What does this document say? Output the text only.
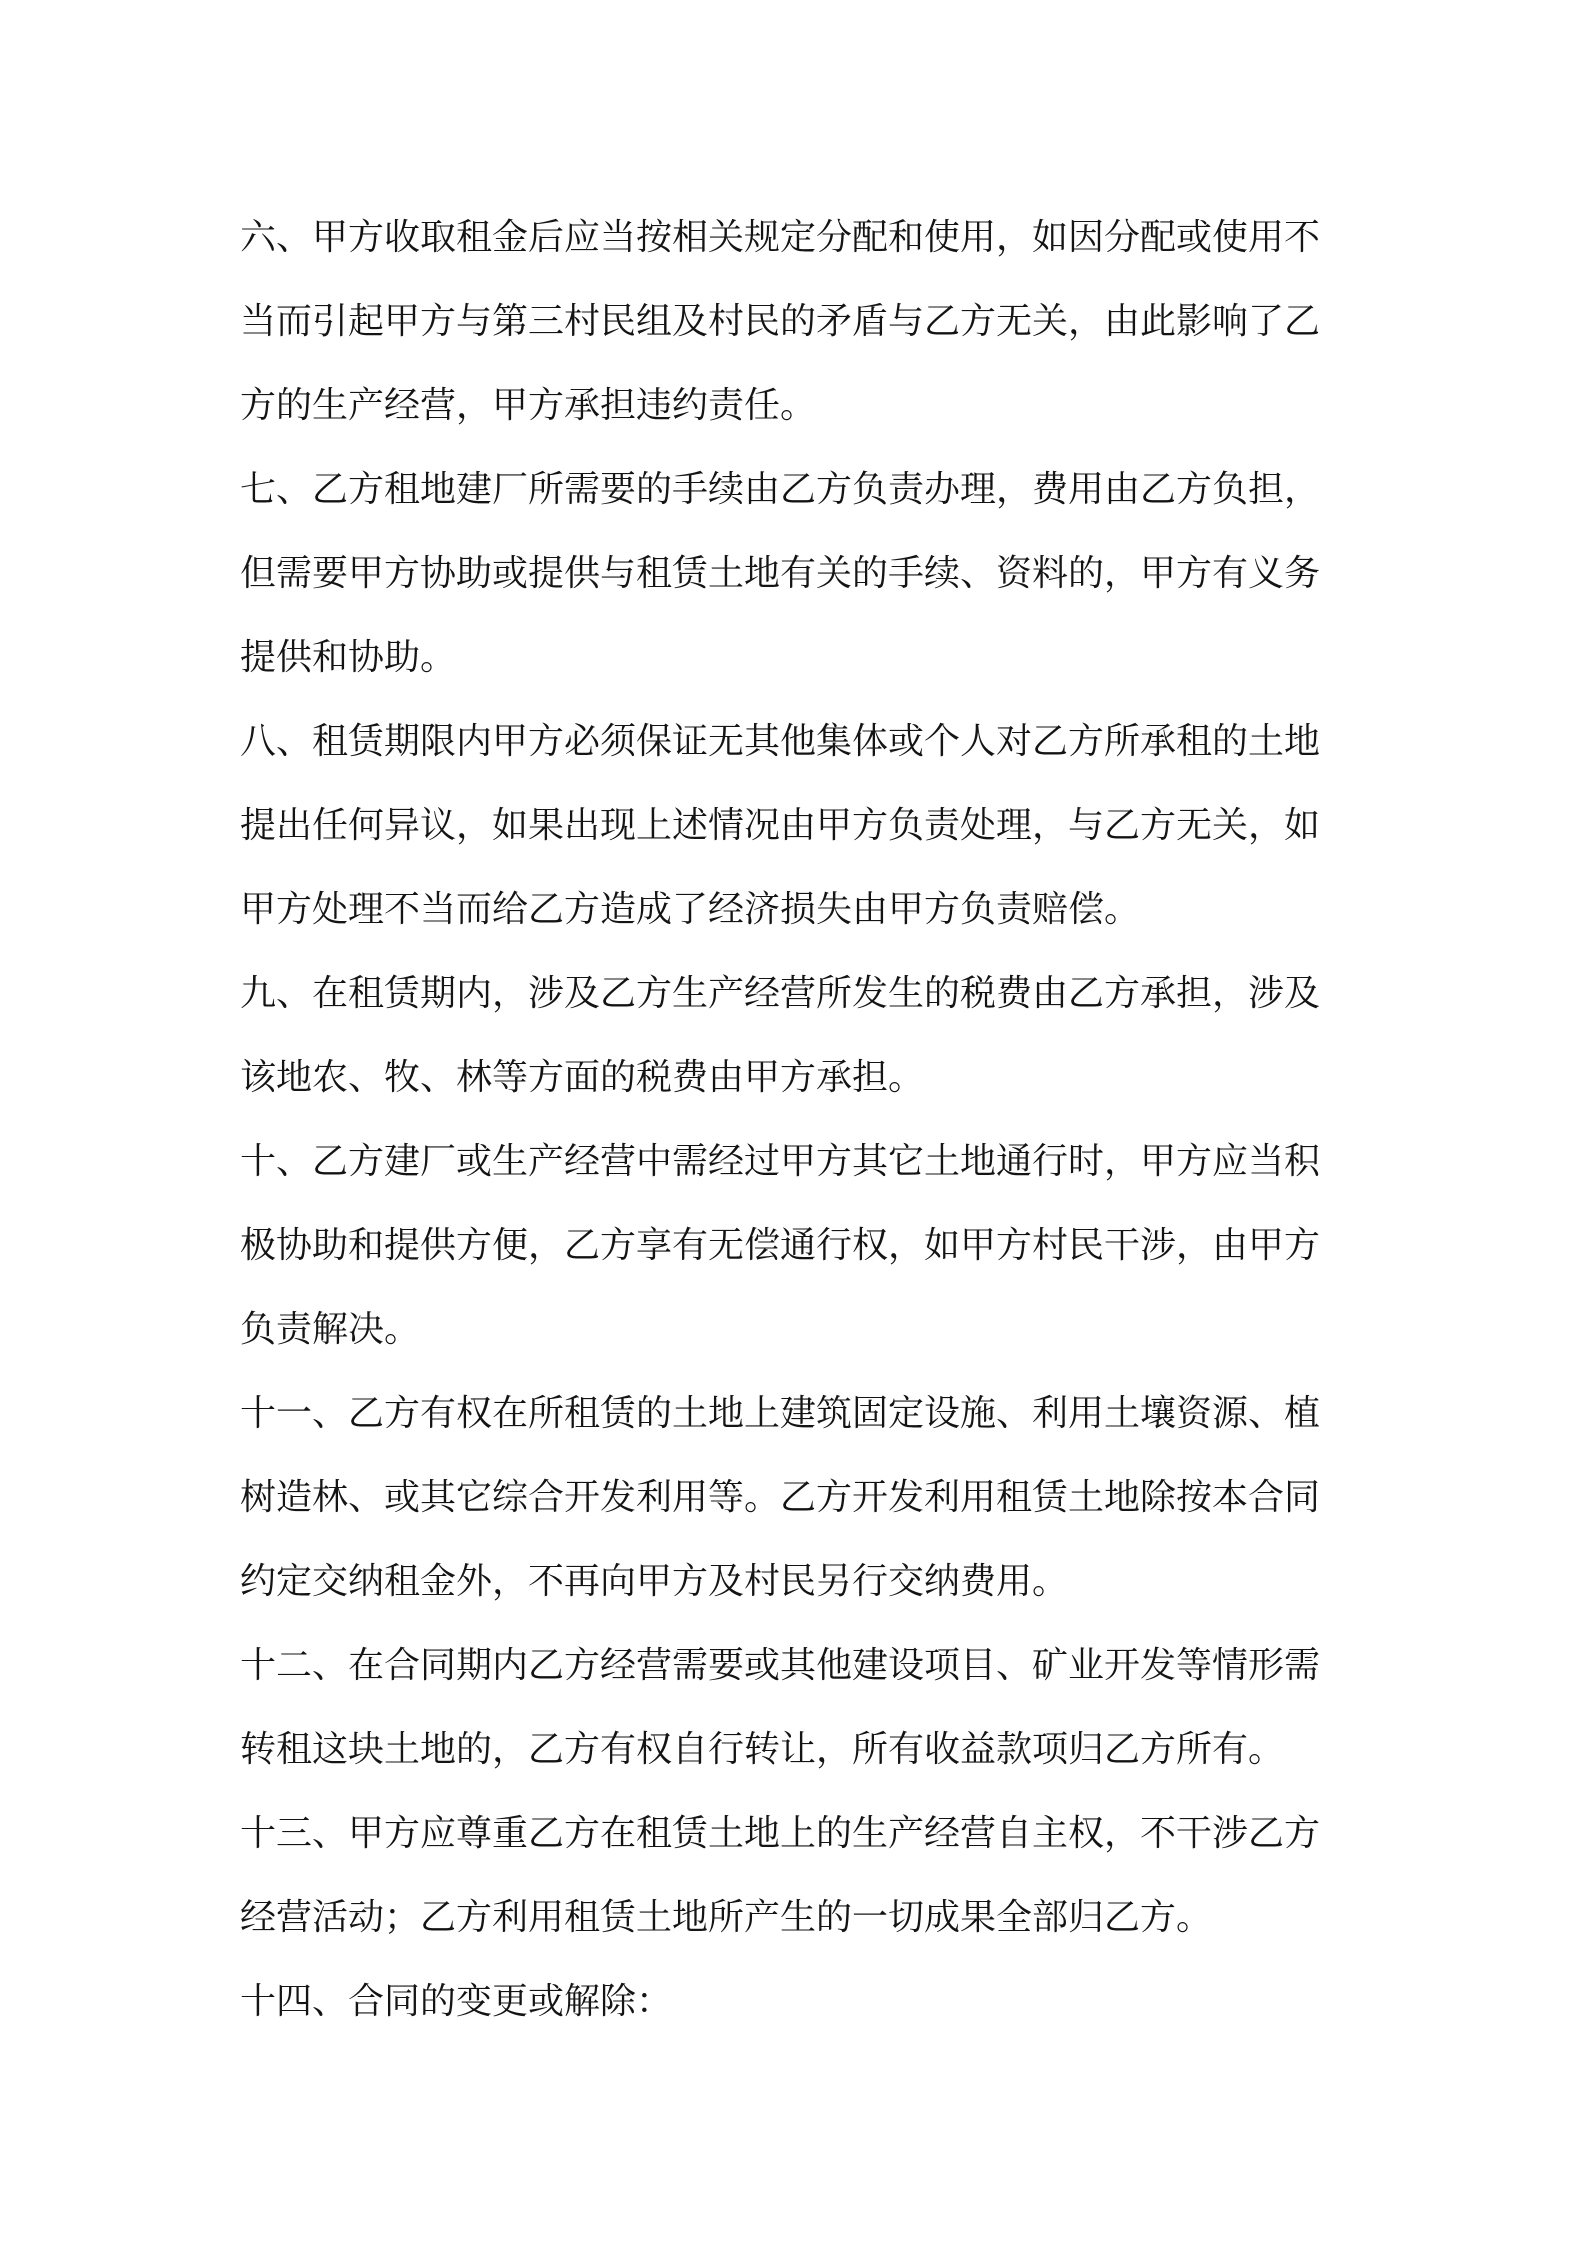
六、甲方收取租金后应当按相关规定分配和使用，如因分配或使用不
当而引起甲方与第三村民组及村民的矛盾与乙方无关，由此影响了乙
方的生产经营，甲方承担违约责任。
七、乙方租地建厂所需要的手续由乙方负责办理，费用由乙方负担，
但需要甲方协助或提供与租赁土地有关的手续、资料的，甲方有义务
提供和协助。
八、租赁期限内甲方必须保证无其他集体或个人对乙方所承租的土地
提出任何异议，如果出现上述情况由甲方负责处理，与乙方无关，如
甲方处理不当而给乙方造成了经济损失由甲方负责赔偿。
九、在租赁期内，涉及乙方生产经营所发生的税费由乙方承担，涉及
该地农、牧、林等方面的税费由甲方承担。
十、乙方建厂或生产经营中需经过甲方其它土地通行时，甲方应当积
极协助和提供方便，乙方享有无偿通行权，如甲方村民干涉，由甲方
负责解决。
十一、乙方有权在所租赁的土地上建筑固定设施、利用土壤资源、植
树造林、或其它综合开发利用等。乙方开发利用租赁土地除按本合同
约定交纳租金外，不再向甲方及村民另行交纳费用。
十二、在合同期内乙方经营需要或其他建设项目、矿业开发等情形需
转租这块土地的，乙方有权自行转让，所有收益款项归乙方所有。
十三、甲方应尊重乙方在租赁土地上的生产经营自主权，不干涉乙方
经营活动；乙方利用租赁土地所产生的一切成果全部归乙方。
十四、合同的变更或解除：
